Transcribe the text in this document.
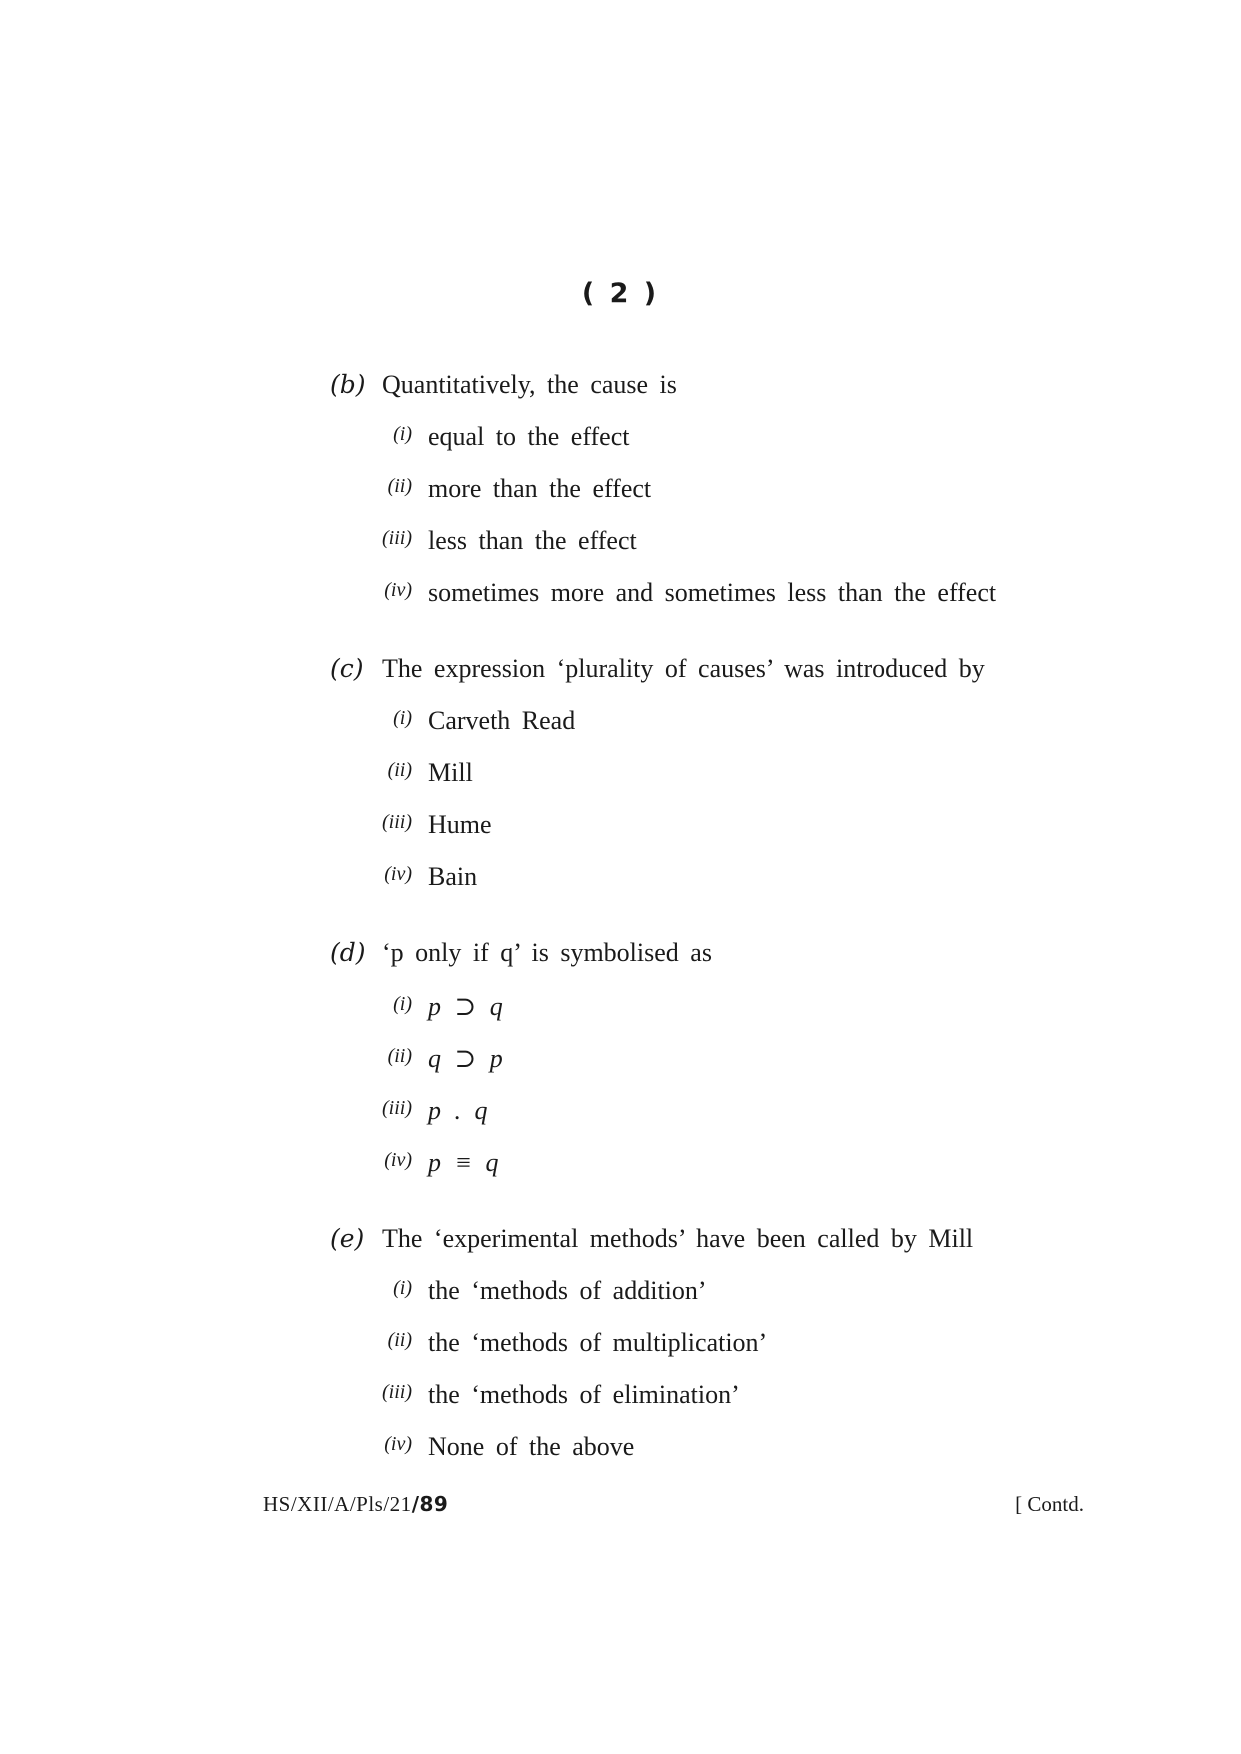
( 2 )
(b) Quantitatively, the cause is
(i) equal to the effect
(ii) more than the effect
(iii) less than the effect
(iv) sometimes more and sometimes less than the effect
(c) The expression ‘plurality of causes’ was introduced by
(i) Carveth Read
(ii) Mill
(iii) Hume
(iv) Bain
(d) ‘p only if q’ is symbolised as
(i) p ⊃ q
(ii) q ⊃ p
(iii) p . q
(iv) p ≡ q
(e) The ‘experimental methods’ have been called by Mill
(i) the ‘methods of addition’
(ii) the ‘methods of multiplication’
(iii) the ‘methods of elimination’
(iv) None of the above
HS/XII/A/Pls/21/89	[ Contd.
